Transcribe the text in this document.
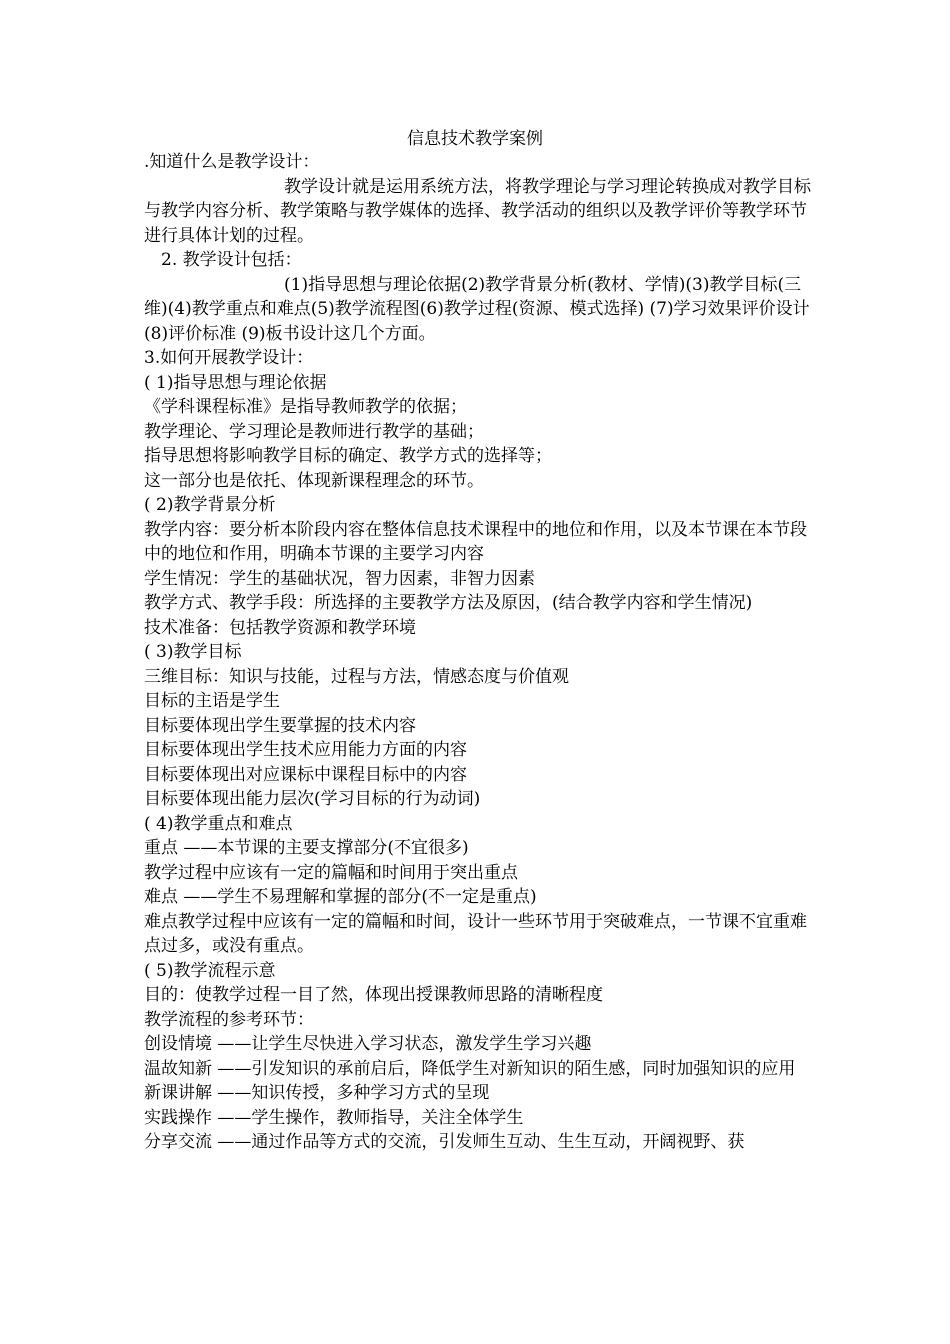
信息技术教学案例

.知道什么是教学设计：

教学设计就是运用系统方法，将教学理论与学习理论转换成对教学目标与教学内容分析、教学策略与教学媒体的选择、教学活动的组织以及教学评价等教学环节进行具体计划的过程。

2. 教学设计包括：

(1)指导思想与理论依据(2)教学背景分析(教材、学情)(3)教学目标(三维)(4)教学重点和难点(5)教学流程图(6)教学过程(资源、模式选择) (7)学习效果评价设计 (8)评价标准 (9)板书设计这几个方面。

3.如何开展教学设计：

( 1)指导思想与理论依据

《学科课程标准》是指导教师教学的依据；

教学理论、学习理论是教师进行教学的基础；

指导思想将影响教学目标的确定、教学方式的选择等；

这一部分也是依托、体现新课程理念的环节。

( 2)教学背景分析

教学内容：要分析本阶段内容在整体信息技术课程中的地位和作用，以及本节课在本节段中的地位和作用，明确本节课的主要学习内容

学生情况：学生的基础状况，智力因素，非智力因素

教学方式、教学手段：所选择的主要教学方法及原因，(结合教学内容和学生情况)

技术准备：包括教学资源和教学环境

( 3)教学目标

三维目标：知识与技能，过程与方法，情感态度与价值观

目标的主语是学生

目标要体现出学生要掌握的技术内容

目标要体现出学生技术应用能力方面的内容

目标要体现出对应课标中课程目标中的内容

目标要体现出能力层次(学习目标的行为动词)

( 4)教学重点和难点

重点 ——本节课的主要支撑部分(不宜很多)

教学过程中应该有一定的篇幅和时间用于突出重点

难点 ——学生不易理解和掌握的部分(不一定是重点)

难点教学过程中应该有一定的篇幅和时间，设计一些环节用于突破难点，一节课不宜重难点过多，或没有重点。

( 5)教学流程示意

目的：使教学过程一目了然，体现出授课教师思路的清晰程度

教学流程的参考环节：

创设情境 ——让学生尽快进入学习状态，激发学生学习兴趣

温故知新 ——引发知识的承前启后，降低学生对新知识的陌生感，同时加强知识的应用

新课讲解 ——知识传授，多种学习方式的呈现

实践操作 ——学生操作，教师指导，关注全体学生

分享交流 ——通过作品等方式的交流，引发师生互动、生生互动，开阔视野、获
